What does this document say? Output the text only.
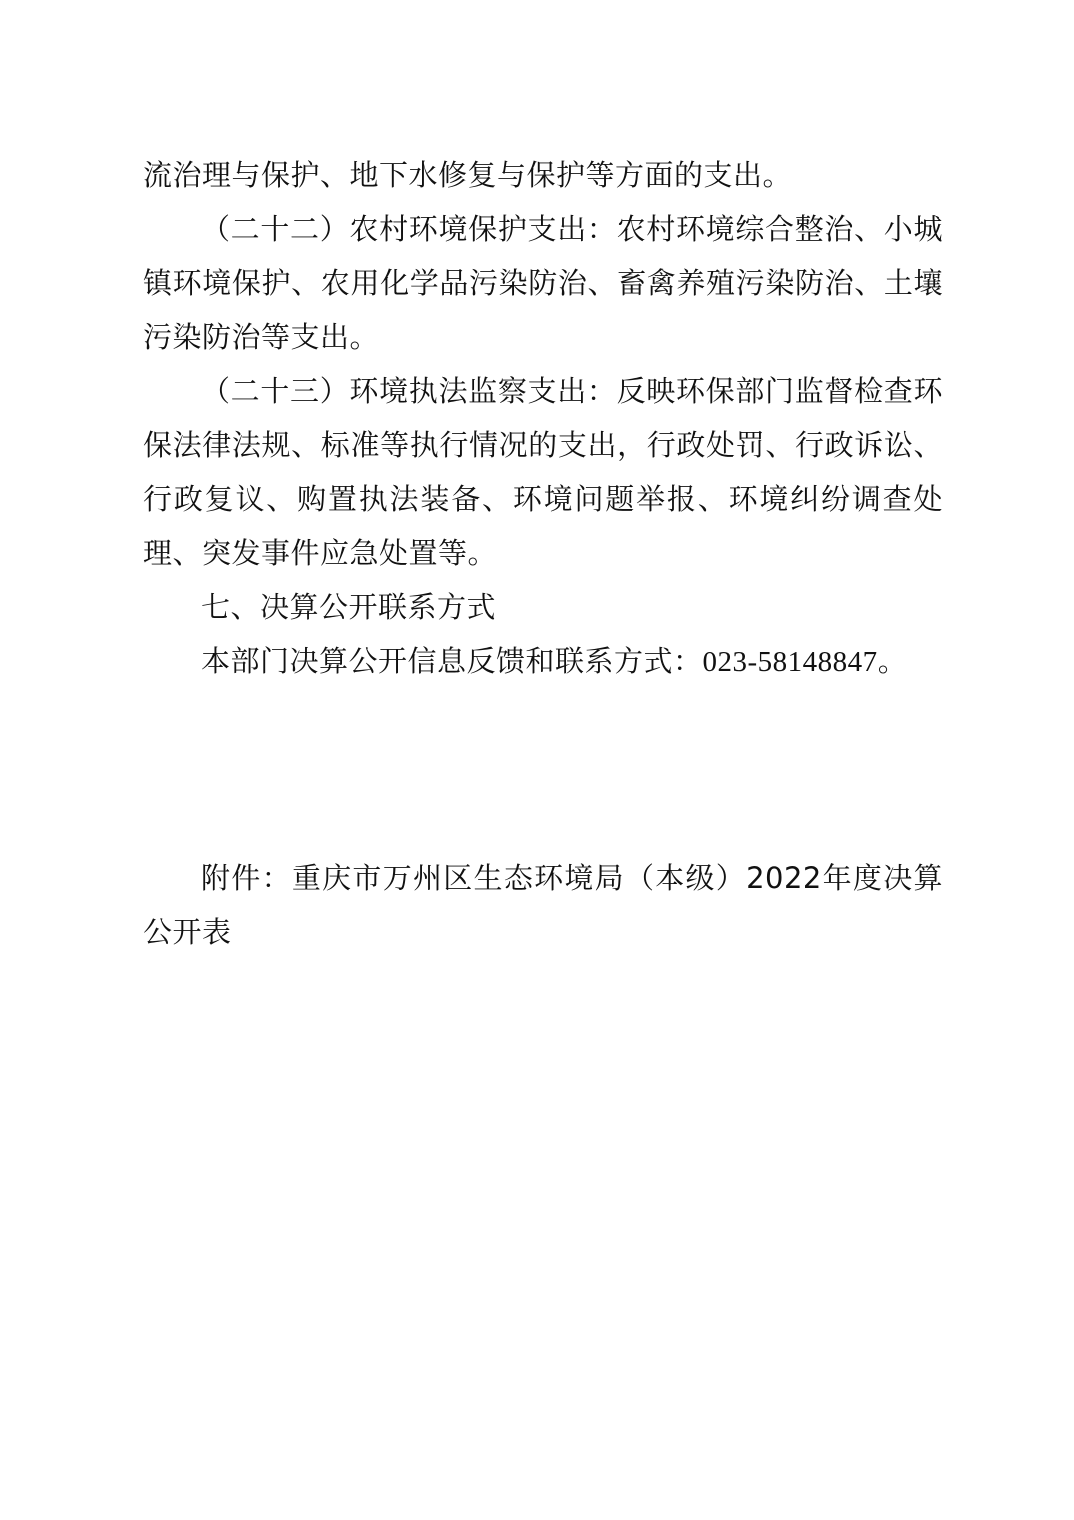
流治理与保护、地下水修复与保护等方面的支出。

（二十二）农村环境保护支出：农村环境综合整治、小城镇环境保护、农用化学品污染防治、畜禽养殖污染防治、土壤污染防治等支出。

（二十三）环境执法监察支出：反映环保部门监督检查环保法律法规、标准等执行情况的支出，行政处罚、行政诉讼、行政复议、购置执法装备、环境问题举报、环境纠纷调查处理、突发事件应急处置等。

七、决算公开联系方式

本部门决算公开信息反馈和联系方式：023-58148847。

附件：重庆市万州区生态环境局（本级）2022年度决算公开表
